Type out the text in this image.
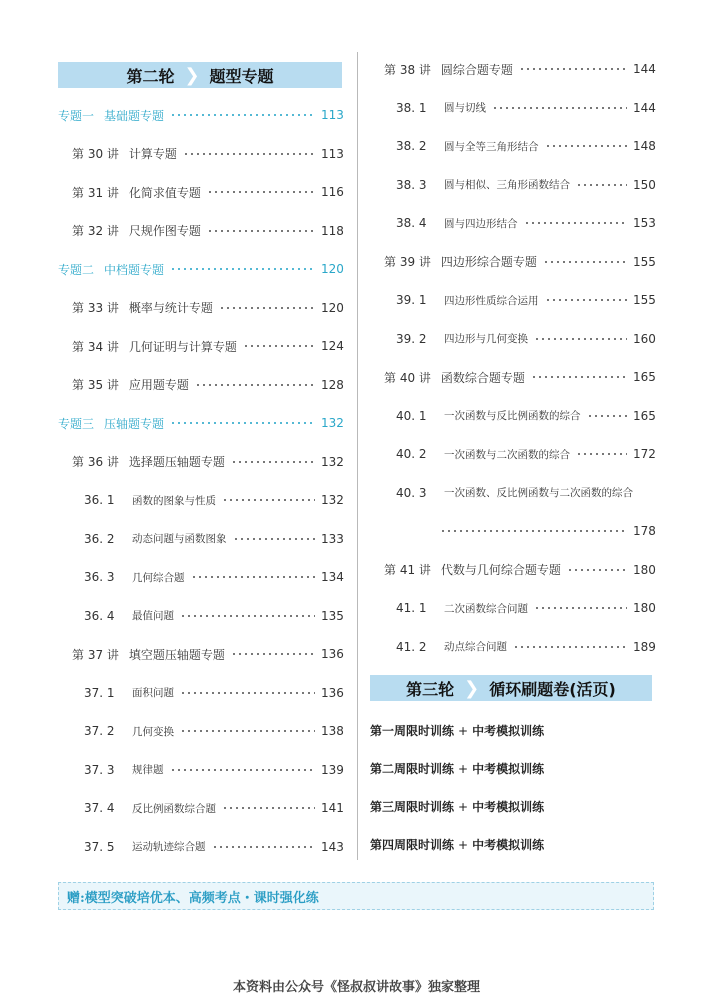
第二轮 ❯ 题型专题
专题一 基础题专题	113
第 30 讲 计算专题	113
第 31 讲 化简求值专题	116
第 32 讲 尺规作图专题	118
专题二 中档题专题	120
第 33 讲 概率与统计专题	120
第 34 讲 几何证明与计算专题	124
第 35 讲 应用题专题	128
专题三 压轴题专题	132
第 36 讲 选择题压轴题专题	132
36. 1	函数的图象与性质	132
36. 2	动态问题与函数图象	133
36. 3	几何综合题	134
36. 4	最值问题	135
第 37 讲 填空题压轴题专题	136
37. 1	面积问题	136
37. 2	几何变换	138
37. 3	规律题	139
37. 4	反比例函数综合题	141
37. 5	运动轨迹综合题	143
第 38 讲 圆综合题专题	144
38. 1	圆与切线	144
38. 2	圆与全等三角形结合	148
38. 3	圆与相似、三角形函数结合	150
38. 4	圆与四边形结合	153
第 39 讲 四边形综合题专题	155
39. 1	四边形性质综合运用	155
39. 2	四边形与几何变换	160
第 40 讲 函数综合题专题	165
40. 1	一次函数与反比例函数的综合	165
40. 2	一次函数与二次函数的综合	172
40. 3	一次函数、反比例函数与二次函数的综合
178
第 41 讲 代数与几何综合题专题	180
41. 1	二次函数综合问题	180
41. 2	动点综合问题	189
第一周限时训练 + 中考模拟训练
第二周限时训练 + 中考模拟训练
第三周限时训练 + 中考模拟训练
第四周限时训练 + 中考模拟训练
第三轮 ❯ 循环刷题卷(活页)
赠:模型突破培优本、高频考点・课时强化练
本资料由公众号《怪叔叔讲故事》独家整理
